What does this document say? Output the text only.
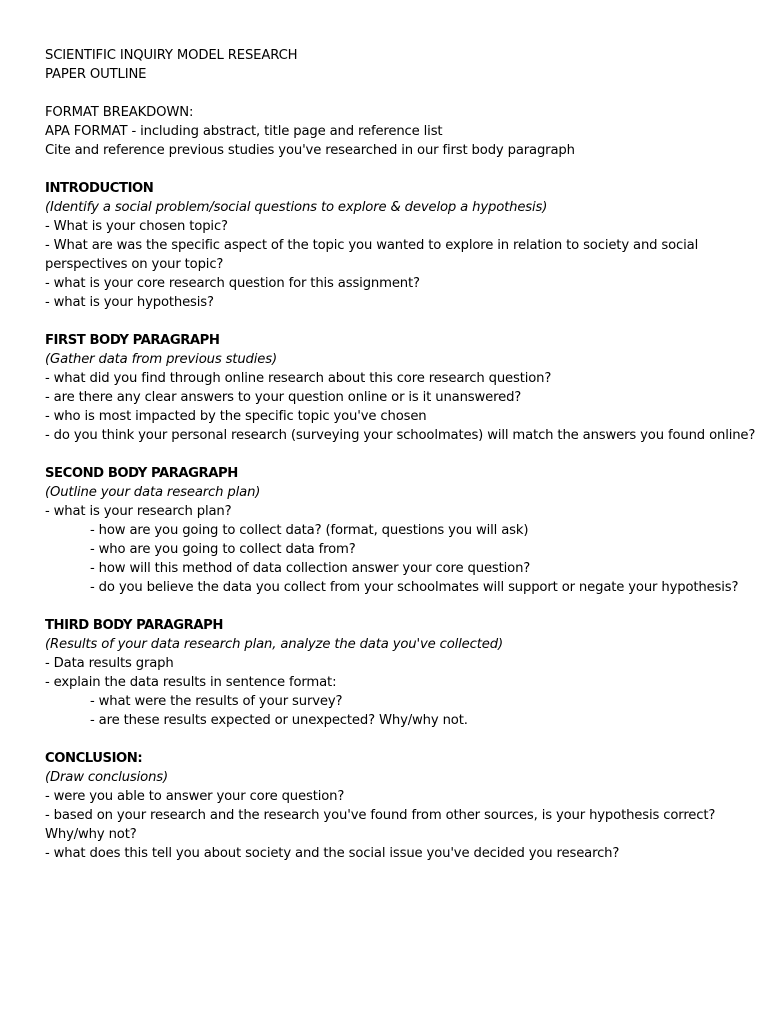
SCIENTIFIC INQUIRY MODEL RESEARCH

PAPER OUTLINE

FORMAT BREAKDOWN:

APA FORMAT - including abstract, title page and reference list

Cite and reference previous studies you've researched in our first body paragraph

INTRODUCTION

(Identify a social problem/social questions to explore & develop a hypothesis)

- What is your chosen topic?

- What are was the specific aspect of the topic you wanted to explore in relation to society and social perspectives on your topic?

- what is your core research question for this assignment?

- what is your hypothesis?

FIRST BODY PARAGRAPH

(Gather data from previous studies)

- what did you find through online research about this core research question?

- are there any clear answers to your question online or is it unanswered?

- who is most impacted by the specific topic you've chosen

- do you think your personal research (surveying your schoolmates) will match the answers you found online?

SECOND BODY PARAGRAPH

(Outline your data research plan)

- what is your research plan?

- how are you going to collect data? (format, questions you will ask)

- who are you going to collect data from?

- how will this method of data collection answer your core question?

- do you believe the data you collect from your schoolmates will support or negate your hypothesis?

THIRD BODY PARAGRAPH

(Results of your data research plan, analyze the data you've collected)

- Data results graph

- explain the data results in sentence format:

- what were the results of your survey?

- are these results expected or unexpected? Why/why not.

CONCLUSION:

(Draw conclusions)

- were you able to answer your core question?

- based on your research and the research you've found from other sources, is your hypothesis correct? Why/why not?

- what does this tell you about society and the social issue you've decided you research?
